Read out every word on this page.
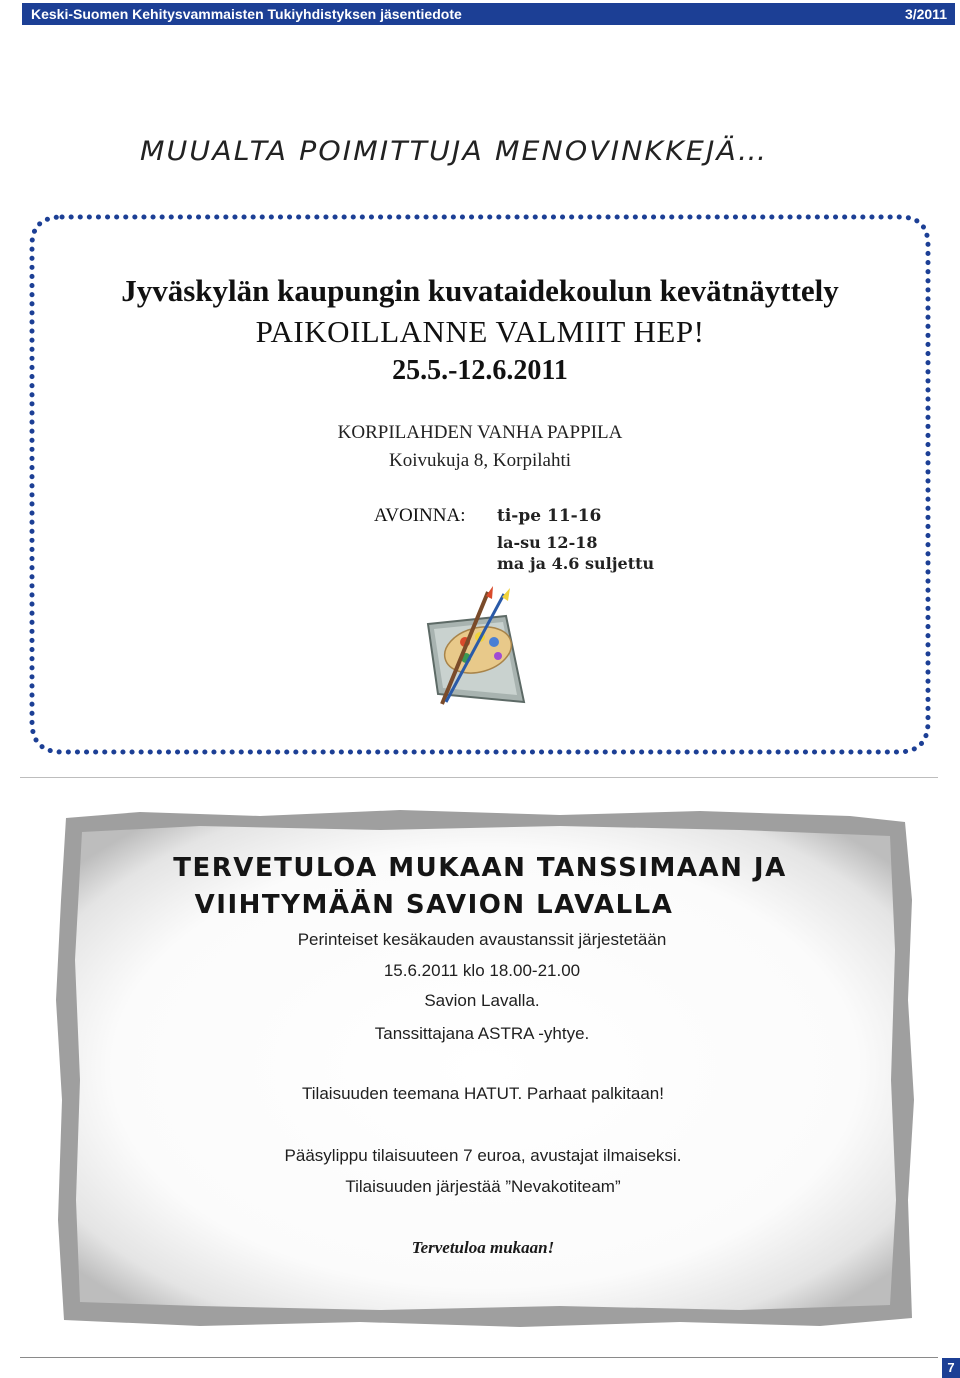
Keski-Suomen Kehitysvammaisten Tukiyhdistyksen jäsentiedote	3/2011
MUUALTA POIMITTUJA MENOVINKKEJÄ…
Jyväskylän kaupungin kuvataidekoulun kevätnäyttely
PAIKOILLANNE VALMIIT HEP!
25.5.-12.6.2011
KORPILAHDEN VANHA PAPPILA
Koivukuja 8, Korpilahti
AVOINNA: ti-pe 11-16
la-su 12-18
ma ja 4.6 suljettu
TERVETULOA MUKAAN TANSSIMAAN JA
VIIHTYMÄÄN SAVION LAVALLA
Perinteiset kesäkauden avaustanssit järjestetään
15.6.2011 klo 18.00-21.00
Savion Lavalla.
Tanssittajana ASTRA -yhtye.
Tilaisuuden teemana HATUT. Parhaat palkitaan!
Pääsylippu tilaisuuteen 7 euroa, avustajat ilmaiseksi.
Tilaisuuden järjestää ”Nevakotiteam”
Tervetuloa mukaan!
7
